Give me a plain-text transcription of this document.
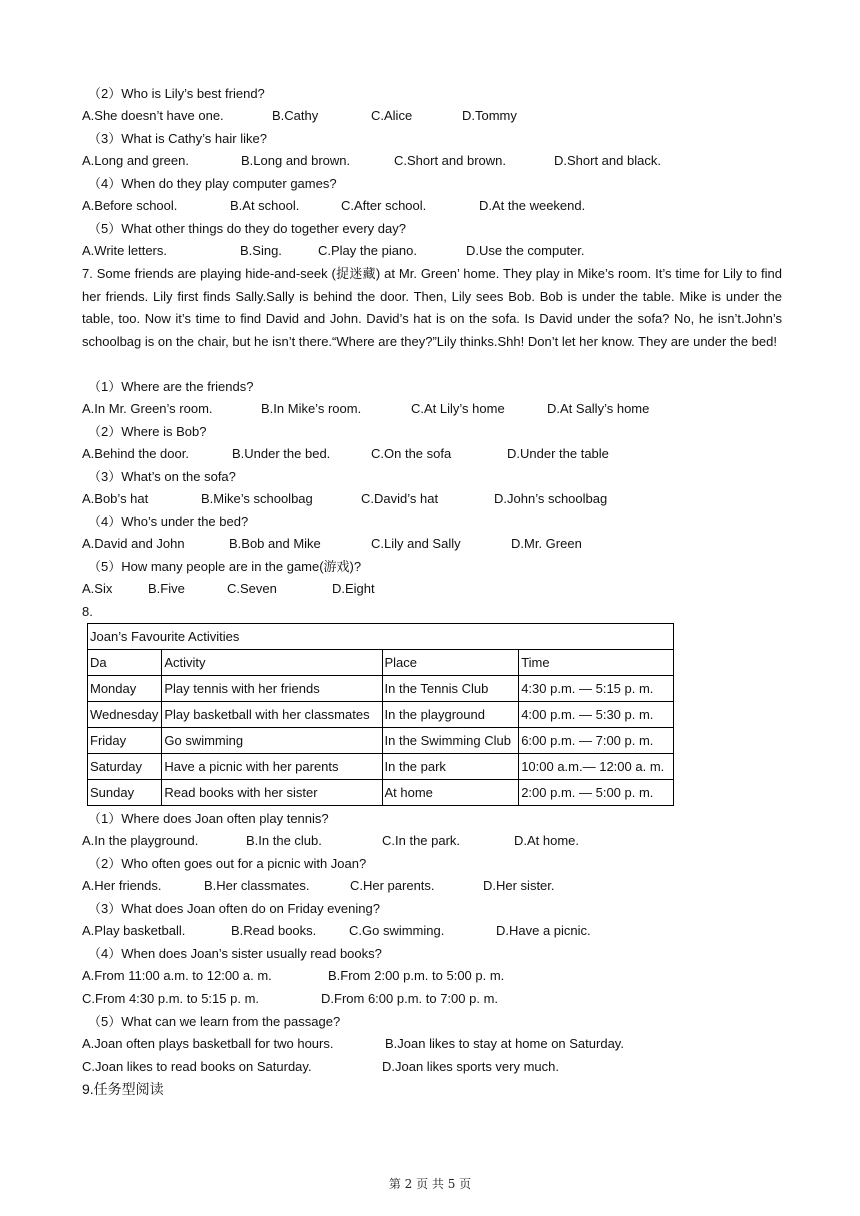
（2）Who is Lily’s best friend?
A.She doesn’t have one.	B.Cathy	C.Alice	D.Tommy
（3）What is Cathy’s hair like?
A.Long and green.	B.Long and brown.	C.Short and brown.	D.Short and black.
（4）When do they play computer games?
A.Before school.	B.At school.	C.After school.	D.At the weekend.
（5）What other things do they do together every day?
A.Write letters.	B.Sing.	C.Play the piano.	D.Use the computer.
7. Some friends are playing hide-and-seek (捉迷藏) at Mr. Green’ home. They play in Mike’s room. It’s time for Lily to find her friends. Lily first finds Sally.Sally is behind the door. Then, Lily sees Bob. Bob is under the table. Mike is under the table, too. Now it’s time to find David and John. David’s hat is on the sofa. Is David under the sofa? No, he isn’t.John’s schoolbag is on the chair, but he isn’t there.“Where are they?”Lily thinks.Shh! Don’t let her know. They are under the bed!
（1）Where are the friends?
A.In Mr. Green’s room.	B.In Mike’s room.	C.At Lily’s home	D.At Sally’s home
（2）Where is Bob?
A.Behind the door.	B.Under the bed.	C.On the sofa	D.Under the table
（3）What’s on the sofa?
A.Bob’s hat	B.Mike’s schoolbag	C.David’s hat	D.John’s schoolbag
（4）Who’s under the bed?
A.David and John	B.Bob and Mike	C.Lily and Sally	D.Mr. Green
（5）How many people are in the game(游戏)?
A.Six	B.Five	C.Seven	D.Eight
8.
Joan’s Favourite Activities			
Da	Activity	Place	Time
Monday	Play tennis with her friends	In the Tennis Club	4:30 p.m. — 5:15 p. m.
Wednesday	Play basketball with her classmates	In the playground	4:00 p.m. — 5:30 p. m.
Friday	Go swimming	In the Swimming Club	6:00 p.m. — 7:00 p. m.
Saturday	Have a picnic with her parents	In the park	10:00 a.m.— 12:00 a. m.
Sunday	Read books with her sister	At home	2:00 p.m. — 5:00 p. m.
（1）Where does Joan often play tennis?
A.In the playground.	B.In the club.	C.In the park.	D.At home.
（2）Who often goes out for a picnic with Joan?
A.Her friends.	B.Her classmates.	C.Her parents.	D.Her sister.
（3）What does Joan often do on Friday evening?
A.Play basketball.	B.Read books.	C.Go swimming.	D.Have a picnic.
（4）When does Joan’s sister usually read books?
A.From 11:00 a.m. to 12:00 a. m.	B.From 2:00 p.m. to 5:00 p. m.
C.From 4:30 p.m. to 5:15 p. m.	D.From 6:00 p.m. to 7:00 p. m.
（5）What can we learn from the passage?
A.Joan often plays basketball for two hours.	B.Joan likes to stay at home on Saturday.
C.Joan likes to read books on Saturday.	D.Joan likes sports very much.
9.任务型阅读
第 2 页 共 5 页
